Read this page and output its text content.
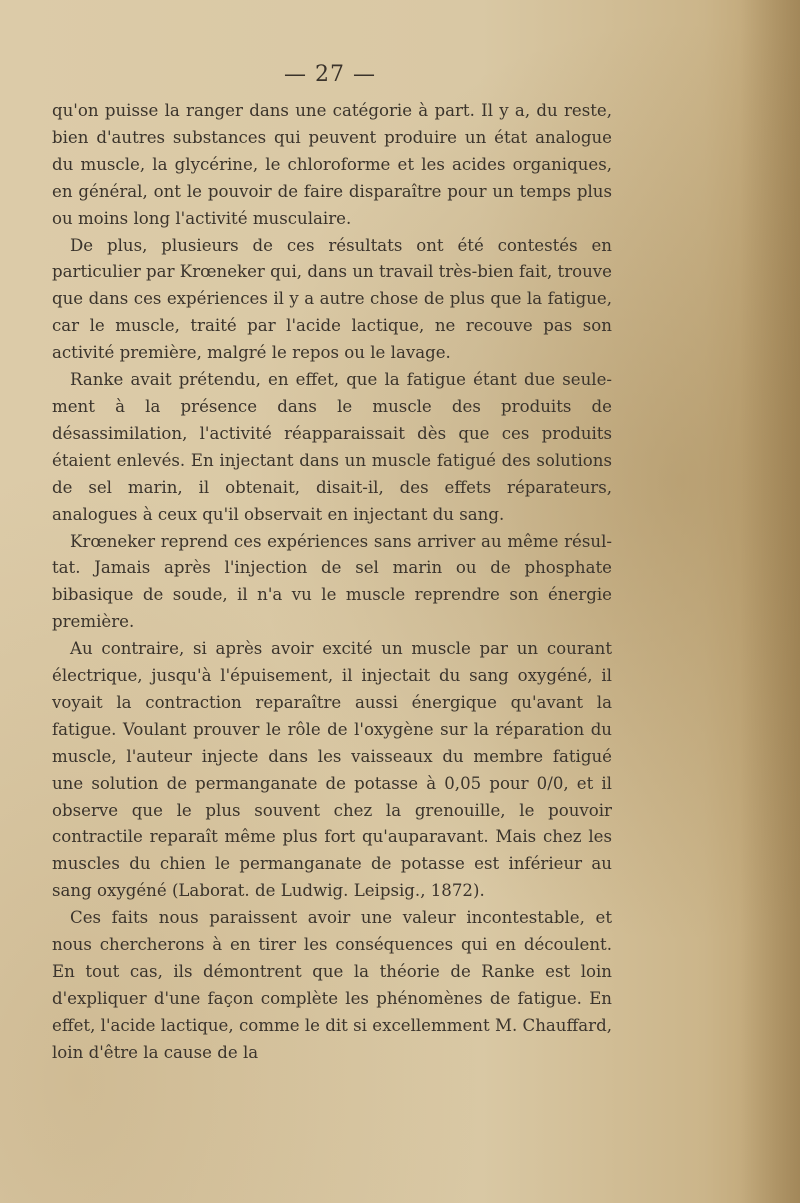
— 27 —

qu'on puisse la ranger dans une catégorie à part. Il y a, du reste, bien d'autres substances qui peuvent produire un état analogue du muscle, la glycérine, le chloroforme et les acides organiques, en général, ont le pouvoir de faire disparaître pour un temps plus ou moins long l'activité musculaire.

De plus, plusieurs de ces résultats ont été contestés en particulier par Krœneker qui, dans un travail très-bien fait, trouve que dans ces expériences il y a autre chose de plus que la fatigue, car le muscle, traité par l'acide lactique, ne recouve pas son activité première, malgré le repos ou le lavage.

Ranke avait prétendu, en effet, que la fatigue étant due seulement à la présence dans le muscle des produits de désassimilation, l'activité réapparaissait dès que ces produits étaient enlevés. En injectant dans un muscle fatigué des solutions de sel marin, il obtenait, disait-il, des effets réparateurs, analogues à ceux qu'il observait en injectant du sang.

Krœneker reprend ces expériences sans arriver au même résultat. Jamais après l'injection de sel marin ou de phosphate bibasique de soude, il n'a vu le muscle reprendre son énergie première.

Au contraire, si après avoir excité un muscle par un courant électrique, jusqu'à l'épuisement, il injectait du sang oxygéné, il voyait la contraction reparaître aussi énergique qu'avant la fatigue. Voulant prouver le rôle de l'oxygène sur la réparation du muscle, l'auteur injecte dans les vaisseaux du membre fatigué une solution de permanganate de potasse à 0,05 pour 0/0, et il observe que le plus souvent chez la grenouille, le pouvoir contractile reparaît même plus fort qu'auparavant. Mais chez les muscles du chien le permanganate de potasse est inférieur au sang oxygéné (Laborat. de Ludwig. Leipsig., 1872).

Ces faits nous paraissent avoir une valeur incontestable, et nous chercherons à en tirer les conséquences qui en découlent. En tout cas, ils démontrent que la théorie de Ranke est loin d'expliquer d'une façon complète les phénomènes de fatigue. En effet, l'acide lactique, comme le dit si excellemment M. Chauffard, loin d'être la cause de la
